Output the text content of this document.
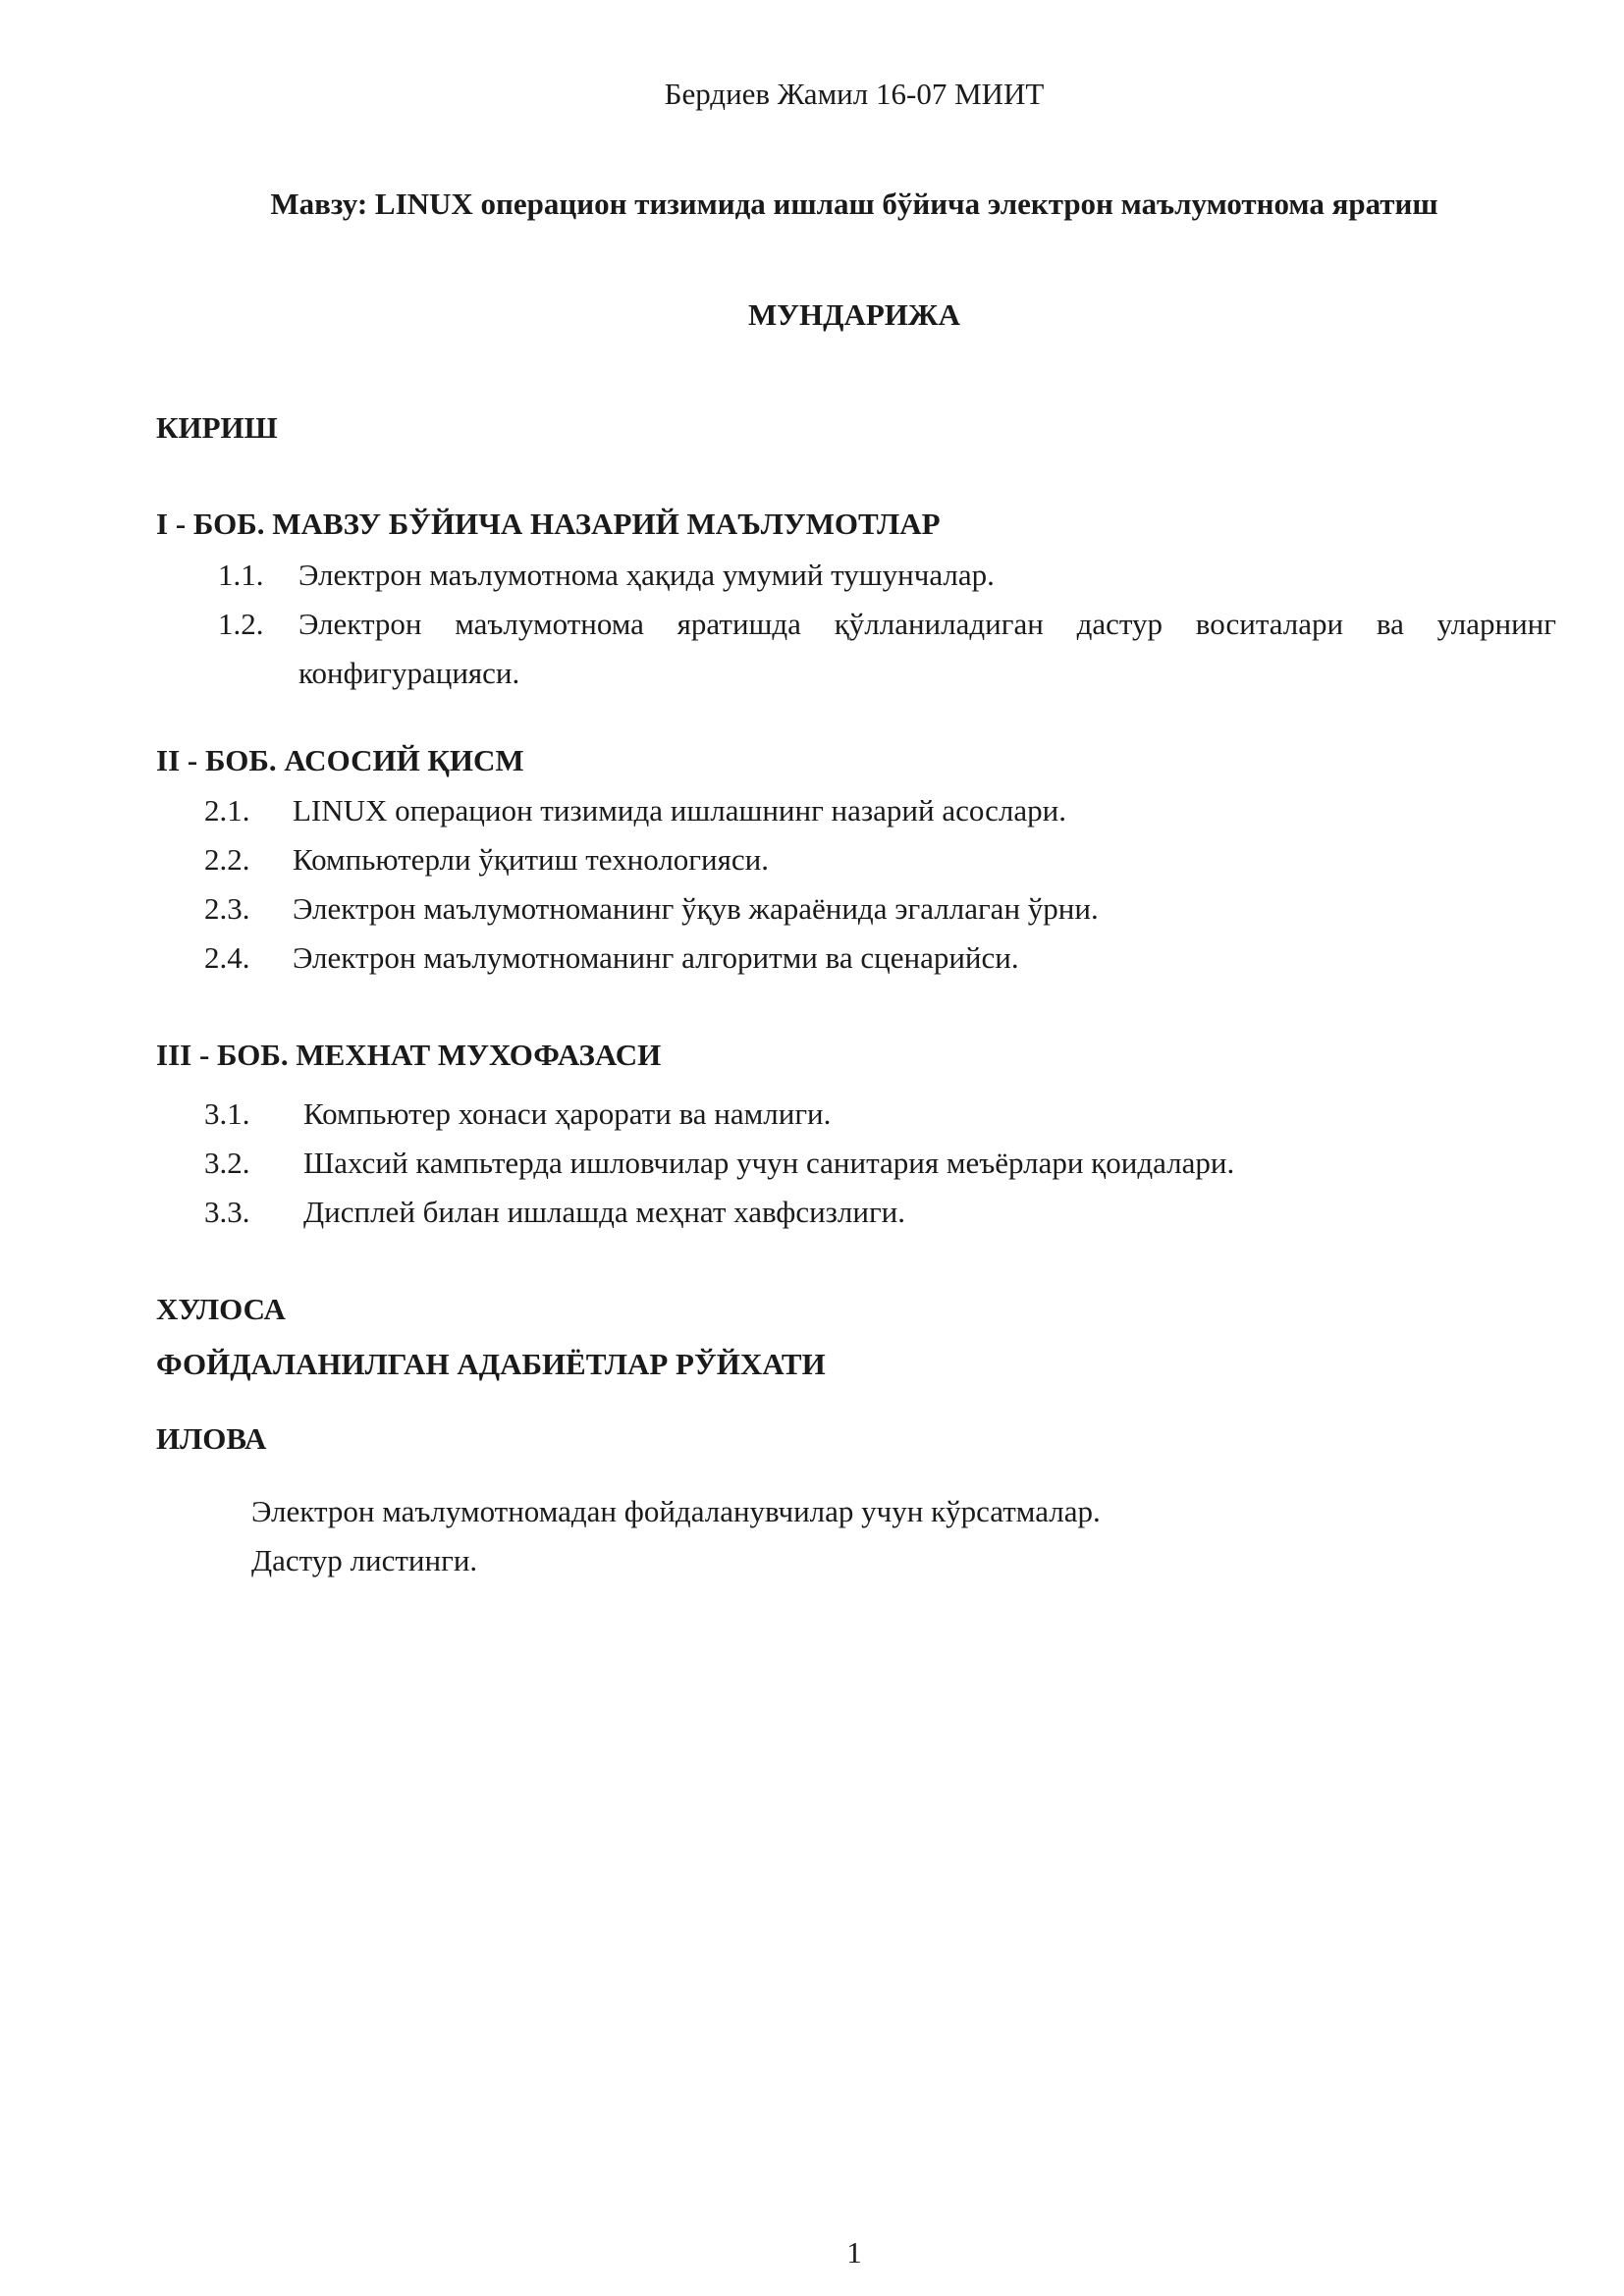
Бердиев Жамил 16-07 МИИТ
Мавзу: LINUX операцион тизимида ишлаш бўйича электрон маълумотнома яратиш
МУНДАРИЖА
КИРИШ
I - БОБ. МАВЗУ БЎЙИЧА НАЗАРИЙ МАЪЛУМОТЛАР
1.1. Электрон маълумотнома ҳақида умумий тушунчалар.
1.2. Электрон маълумотнома яратишда қўлланиладиган дастур воситалари ва уларнинг
конфигурацияси.
II - БОБ. АСОСИЙ ҚИСМ
2.1. LINUX операцион тизимида ишлашнинг назарий асослари.
2.2. Компьютерли ўқитиш технологияси.
2.3. Электрон маълумотноманинг ўқув жараёнида эгаллаган ўрни.
2.4. Электрон маълумотноманинг алгоритми ва сценарийси.
III - БОБ. МЕХНАТ МУХОФАЗАСИ
3.1. Компьютер хонаси ҳарорати ва намлиги.
3.2. Шахсий кампьтерда ишловчилар учун санитария меъёрлари қоидалари.
3.3. Дисплей билан ишлашда меҳнат хавфсизлиги.
ХУЛОСА
ФОЙДАЛАНИЛГАН АДАБИЁТЛАР РЎЙХАТИ
ИЛОВА
Электрон маълумотномадан фойдаланувчилар учун кўрсатмалар.
Дастур листинги.
1
